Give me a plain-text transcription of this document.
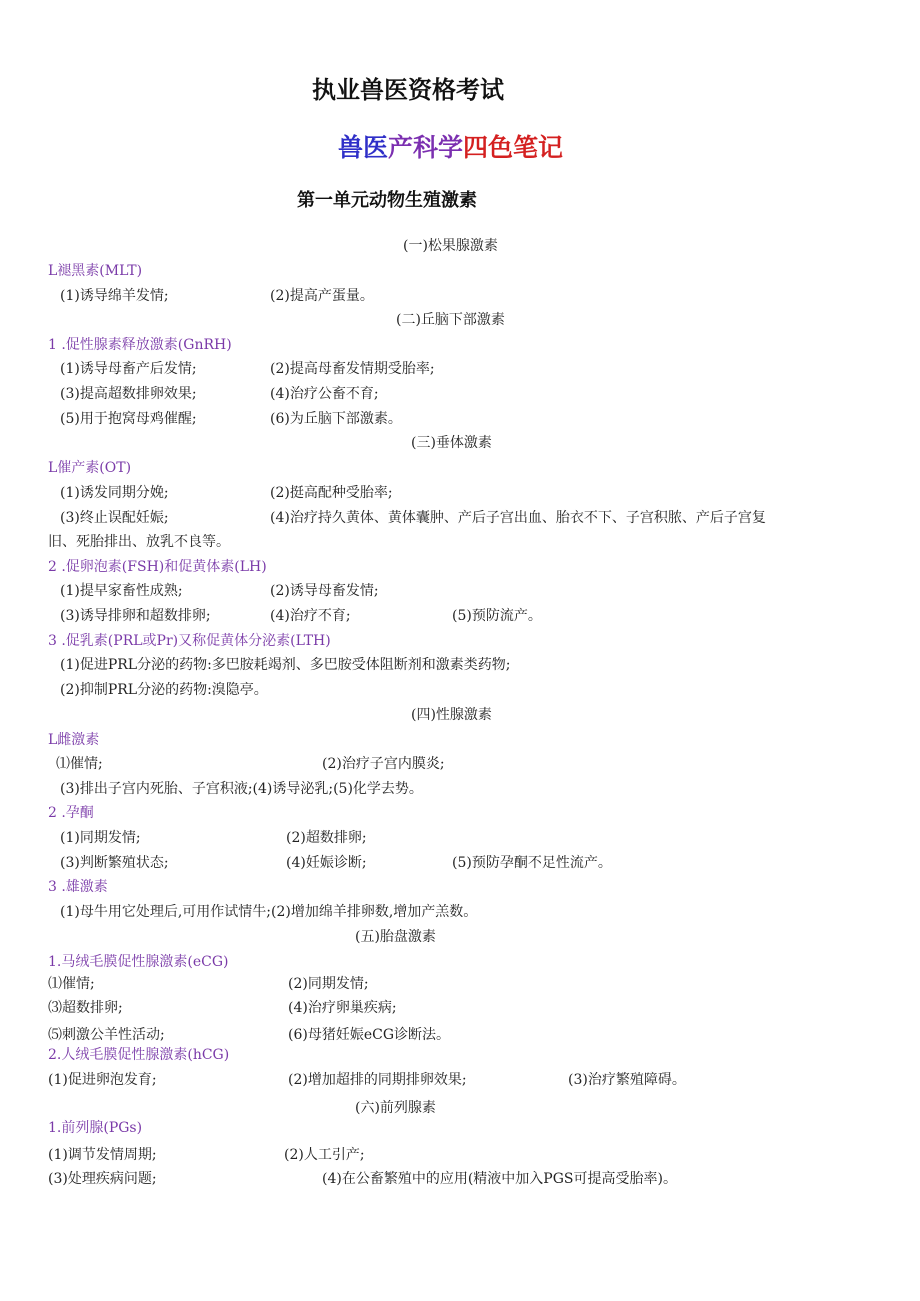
执业兽医资格考试
兽医产科学四色笔记
第一单元动物生殖激素
(一)松果腺激素
L褪黑素(MLT)
(1)诱导绵羊发情;	(2)提高产蛋量。
(二)丘脑下部激素
1 .促性腺素释放激素(GnRH)
(1)诱导母畜产后发情;	(2)提高母畜发情期受胎率;
(3)提高超数排卵效果;	(4)治疗公畜不育;
(5)用于抱窝母鸡催醒;	(6)为丘脑下部激素。
(三)垂体激素
L催产素(OT)
(1)诱发同期分娩;	(2)挺高配种受胎率;
(3)终止误配妊娠;	(4)治疗持久黄体、黄体囊肿、产后子宫出血、胎衣不下、子宫积脓、产后子宫复
旧、死胎排出、放乳不良等。
2 .促卵泡素(FSH)和促黄体素(LH)
(1)提早家畜性成熟;	(2)诱导母畜发情;
(3)诱导排卵和超数排卵;	(4)治疗不育;	(5)预防流产。
3 .促乳素(PRL或Pr)又称促黄体分泌素(LTH)
(1)促进PRL分泌的药物:多巴胺耗竭剂、多巴胺受体阻断剂和激素类药物;
(2)抑制PRL分泌的药物:溴隐亭。
(四)性腺激素
L雌激素
⑴催情;	(2)治疗子宫内膜炎;
(3)排出子宫内死胎、子宫积液;(4)诱导泌乳;(5)化学去势。
2 .孕酮
(1)同期发情;	(2)超数排卵;
(3)判断繁殖状态;	(4)妊娠诊断;	(5)预防孕酮不足性流产。
3 .雄激素
(1)母牛用它处理后,可用作试情牛;(2)增加绵羊排卵数,增加产羔数。
(五)胎盘激素
1.马绒毛膜促性腺激素(eCG)
⑴催情;	(2)同期发情;
⑶超数排卵;	(4)治疗卵巢疾病;
⑸刺激公羊性活动;	(6)母猪妊娠eCG诊断法。
2.人绒毛膜促性腺激素(hCG)
(1)促进卵泡发育;	(2)增加超排的同期排卵效果;	(3)治疗繁殖障碍。
(六)前列腺素
1.前列腺(PGs)
(1)调节发情周期;	(2)人工引产;
(3)处理疾病问题;	(4)在公畜繁殖中的应用(精液中加入PGS可提高受胎率)。
